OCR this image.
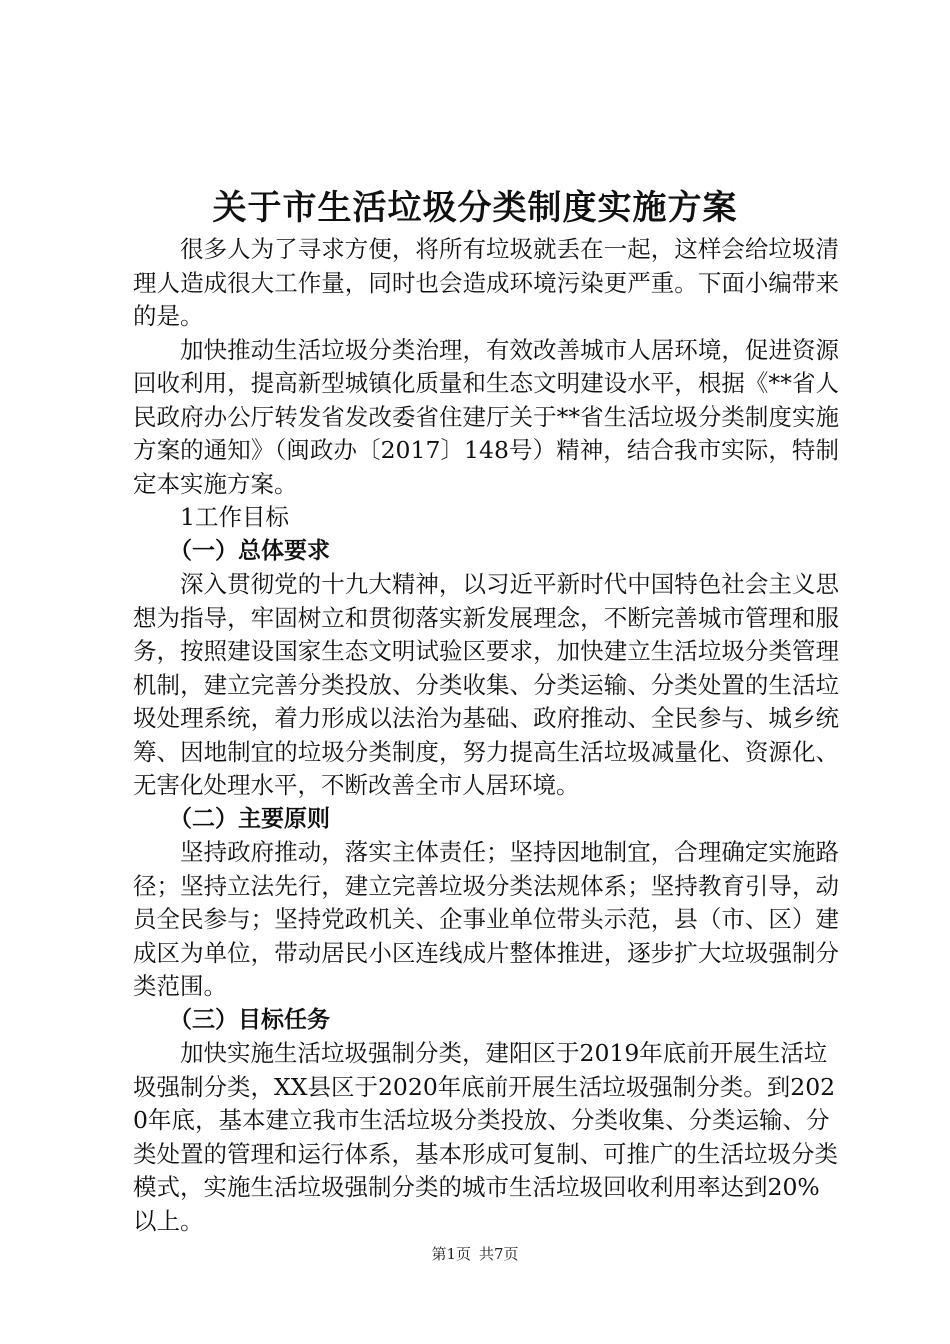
关于市生活垃圾分类制度实施方案

很多人为了寻求方便，将所有垃圾就丢在一起，这样会给垃圾清理人造成很大工作量，同时也会造成环境污染更严重。下面小编带来的是。

加快推动生活垃圾分类治理，有效改善城市人居环境，促进资源回收利用，提高新型城镇化质量和生态文明建设水平，根据《**省人民政府办公厅转发省发改委省住建厅关于**省生活垃圾分类制度实施方案的通知》（闽政办〔2017〕148号）精神，结合我市实际，特制定本实施方案。

1工作目标

（一）总体要求

深入贯彻党的十九大精神，以习近平新时代中国特色社会主义思想为指导，牢固树立和贯彻落实新发展理念，不断完善城市管理和服务，按照建设国家生态文明试验区要求，加快建立生活垃圾分类管理机制，建立完善分类投放、分类收集、分类运输、分类处置的生活垃圾处理系统，着力形成以法治为基础、政府推动、全民参与、城乡统筹、因地制宜的垃圾分类制度，努力提高生活垃圾减量化、资源化、无害化处理水平，不断改善全市人居环境。

（二）主要原则

坚持政府推动，落实主体责任；坚持因地制宜，合理确定实施路径；坚持立法先行，建立完善垃圾分类法规体系；坚持教育引导，动员全民参与；坚持党政机关、企事业单位带头示范，县（市、区）建成区为单位，带动居民小区连线成片整体推进，逐步扩大垃圾强制分类范围。

（三）目标任务

加快实施生活垃圾强制分类，建阳区于2019年底前开展生活垃圾强制分类，XX县区于2020年底前开展生活垃圾强制分类。到2020年底，基本建立我市生活垃圾分类投放、分类收集、分类运输、分类处置的管理和运行体系，基本形成可复制、可推广的生活垃圾分类模式，实施生活垃圾强制分类的城市生活垃圾回收利用率达到20%以上。

第1页 共7页
